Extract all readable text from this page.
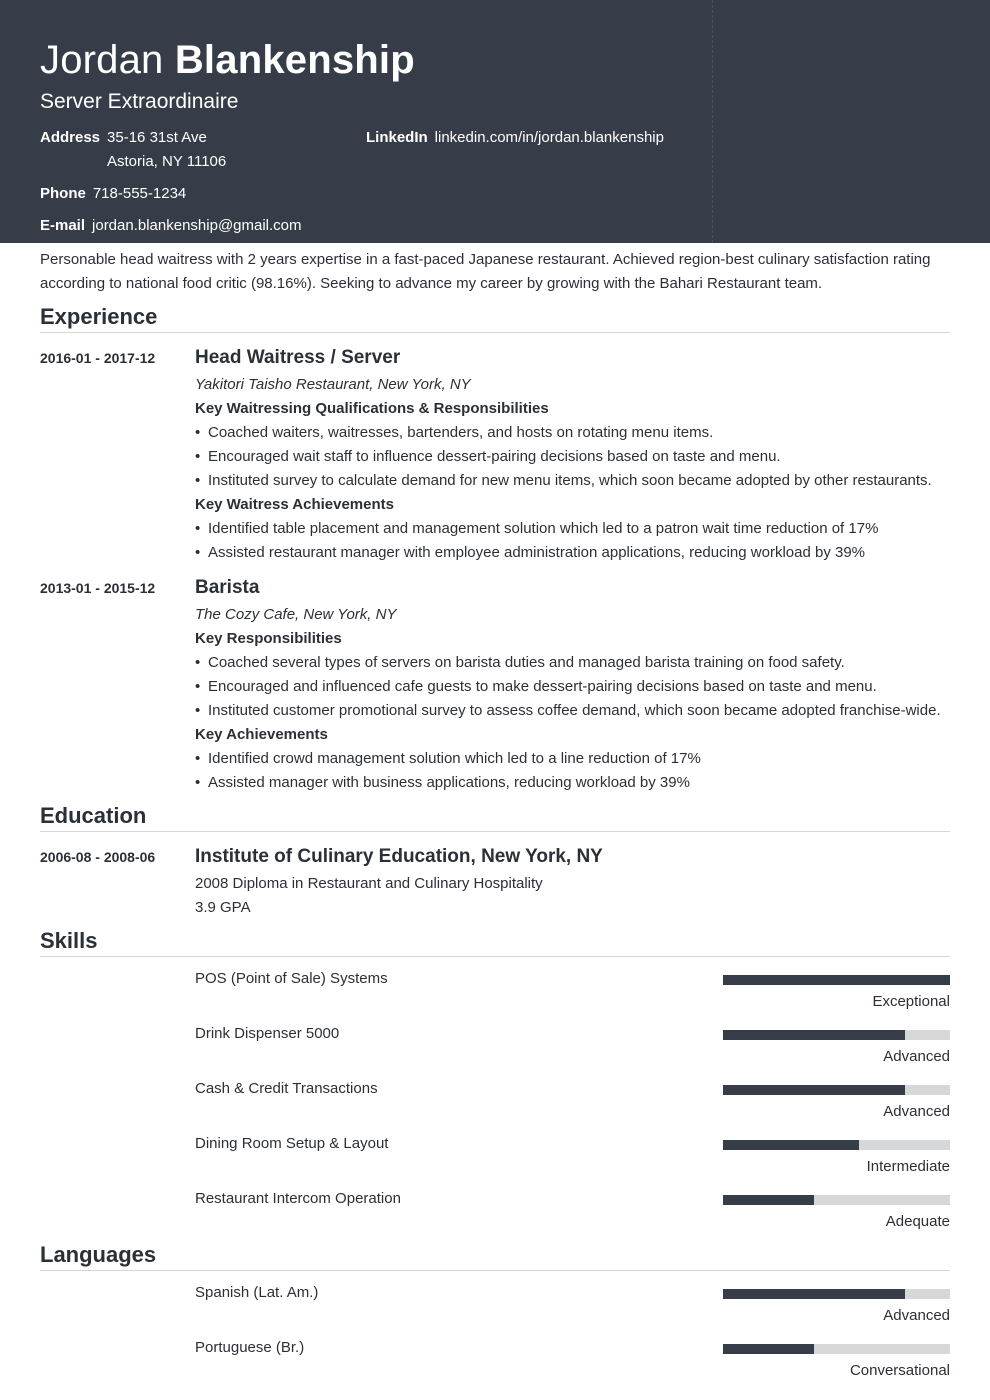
Jordan Blankenship
Server Extraordinaire
Address 35-16 31st Ave
Astoria, NY 11106
LinkedIn linkedin.com/in/jordan.blankenship
Phone 718-555-1234
E-mail jordan.blankenship@gmail.com
Personable head waitress with 2 years expertise in a fast-paced Japanese restaurant. Achieved region-best culinary satisfaction rating
according to national food critic (98.16%). Seeking to advance my career by growing with the Bahari Restaurant team.
Experience
2016-01 - 2017-12 Head Waitress / Server
Yakitori Taisho Restaurant, New York, NY
Key Waitressing Qualifications & Responsibilities
• Coached waiters, waitresses, bartenders, and hosts on rotating menu items.
• Encouraged wait staff to influence dessert-pairing decisions based on taste and menu.
• Instituted survey to calculate demand for new menu items, which soon became adopted by other restaurants.
Key Waitress Achievements
• Identified table placement and management solution which led to a patron wait time reduction of 17%
• Assisted restaurant manager with employee administration applications, reducing workload by 39%
2013-01 - 2015-12 Barista
The Cozy Cafe, New York, NY
Key Responsibilities
• Coached several types of servers on barista duties and managed barista training on food safety.
• Encouraged and influenced cafe guests to make dessert-pairing decisions based on taste and menu.
• Instituted customer promotional survey to assess coffee demand, which soon became adopted franchise-wide.
Key Achievements
• Identified crowd management solution which led to a line reduction of 17%
• Assisted manager with business applications, reducing workload by 39%
Education
2006-08 - 2008-06 Institute of Culinary Education, New York, NY
2008 Diploma in Restaurant and Culinary Hospitality
3.9 GPA
Skills
POS (Point of Sale) Systems
Exceptional
Drink Dispenser 5000
Advanced
Cash & Credit Transactions
Advanced
Dining Room Setup & Layout
Intermediate
Restaurant Intercom Operation
Adequate
Languages
Spanish (Lat. Am.)
Advanced
Portuguese (Br.)
Conversational
